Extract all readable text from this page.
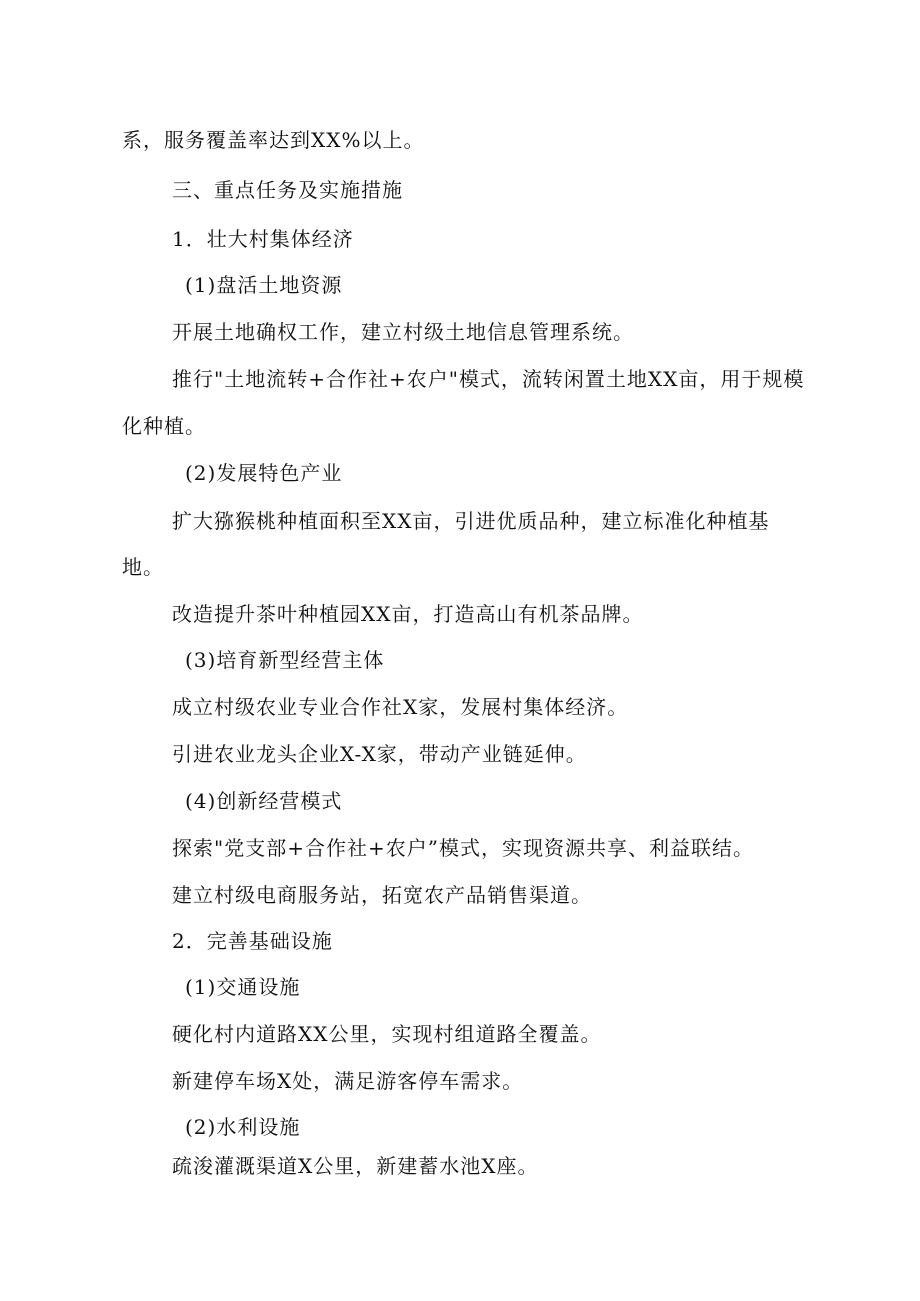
系，服务覆盖率达到XX%以上。
三、重点任务及实施措施
1．壮大村集体经济
(1)盘活土地资源
开展土地确权工作，建立村级土地信息管理系统。
推行"土地流转+合作社+农户"模式，流转闲置土地XX亩，用于规模
化种植。
(2)发展特色产业
扩大猕猴桃种植面积至XX亩，引进优质品种，建立标准化种植基
地。
改造提升茶叶种植园XX亩，打造高山有机茶品牌。
(3)培育新型经营主体
成立村级农业专业合作社X家，发展村集体经济。
引进农业龙头企业X-X家，带动产业链延伸。
(4)创新经营模式
探索"党支部+合作社+农户”模式，实现资源共享、利益联结。
建立村级电商服务站，拓宽农产品销售渠道。
2．完善基础设施
(1)交通设施
硬化村内道路XX公里，实现村组道路全覆盖。
新建停车场X处，满足游客停车需求。
(2)水利设施
疏浚灌溉渠道X公里，新建蓄水池X座。
